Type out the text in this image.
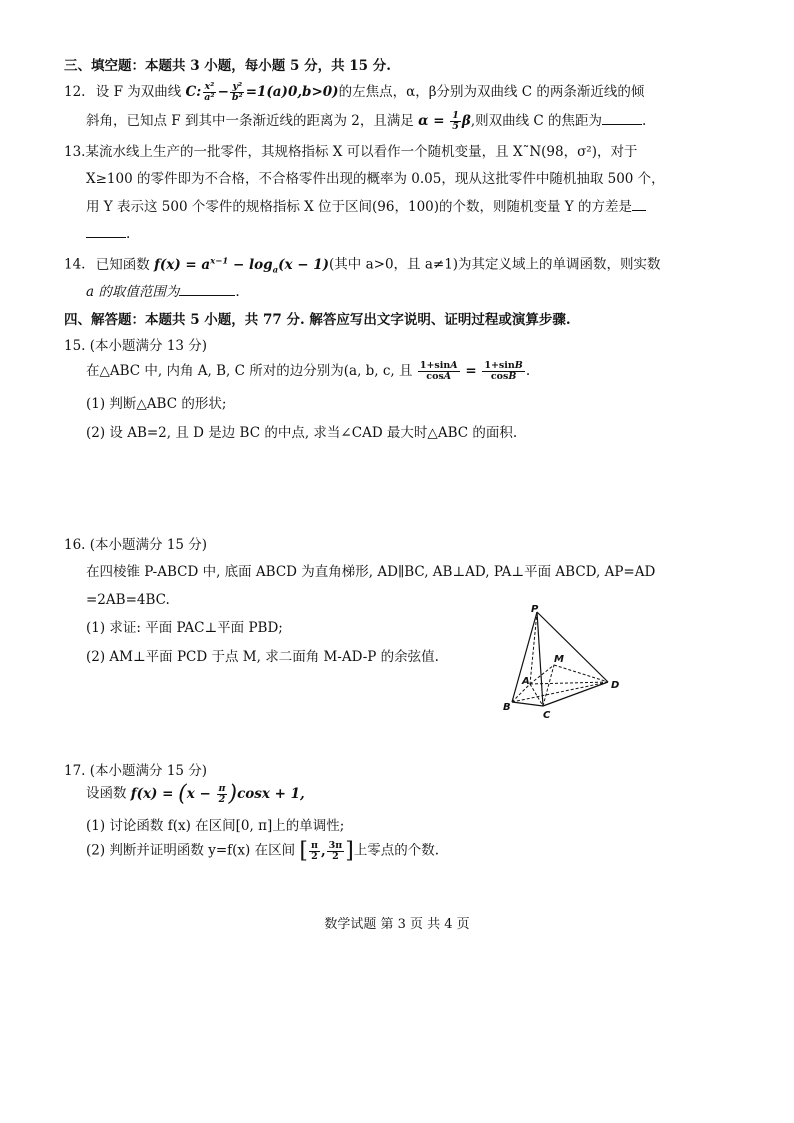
三、填空题：本题共 3 小题，每小题 5 分，共 15 分.
12. 设 F 为双曲线 C: $\frac{\text{x²}}{\text{a²}} - \frac{\text{y²}}{\text{b²}} =1(a)0,b>0$)的左焦点，α，β分别为双曲线 C 的两条渐近线的倾
斜角，已知点 F 到其中一条渐近线的距离为 2，且满足 $\alpha = \frac{1}{5} \beta$,则双曲线 C 的焦距为	.
13.某流水线上生产的一批零件，其规格指标 X 可以看作一个随机变量，且 X˜N(98，σ²)，对于
X≥100 的零件即为不合格，不合格零件出现的概率为 0.05，现从这批零件中随机抽取 500 个，
用 Y 表示这 500 个零件的规格指标 X 位于区间(96，100)的个数，则随机变量 Y 的方差是
.
14. 已知函数 $f(x) = a^{x-1} - \log_a(x - 1)$(其中 a>0，且 a≠1)为其定义域上的单调函数，则实数
a 的取值范围为	.
四、解答题：本题共 5 小题，共 77 分. 解答应写出文字说明、证明过程或演算步骤.
15. (本小题满分 13 分)
在△ABC 中, 内角 A, B, C 所对的边分别为(a, b, c, 且 $\frac{1+\sin A}{\cos A} = \frac{1+\sin B}{\cos B}$ .
(1) 判断△ABC 的形状;
(2) 设 AB=2, 且 D 是边 BC 的中点, 求当∠CAD 最大时△ABC 的面积.
16. (本小题满分 15 分)
在四棱锥 P-ABCD 中, 底面 ABCD 为直角梯形, AD∥BC, AB⊥AD, PA⊥平面 ABCD, AP=AD
=2AB=4BC.
(1) 求证: 平面 PAC⊥平面 PBD;
(2) AM⊥平面 PCD 于点 M, 求二面角 M-AD-P 的余弦值.
P
M
A
B
C
D
17. (本小题满分 15 分)
设函数 $f(x) = (x - \frac{\pi}{2} )\cos x + 1$,
(1) 讨论函数 f(x) 在区间[0, π]上的单调性;
(2) 判断并证明函数 y=f(x) 在区间 [ $\frac{\pi}{2}$ , $\frac{3\pi}{2}$ ]上零点的个数.
数学试题 第 3 页 共 4 页
